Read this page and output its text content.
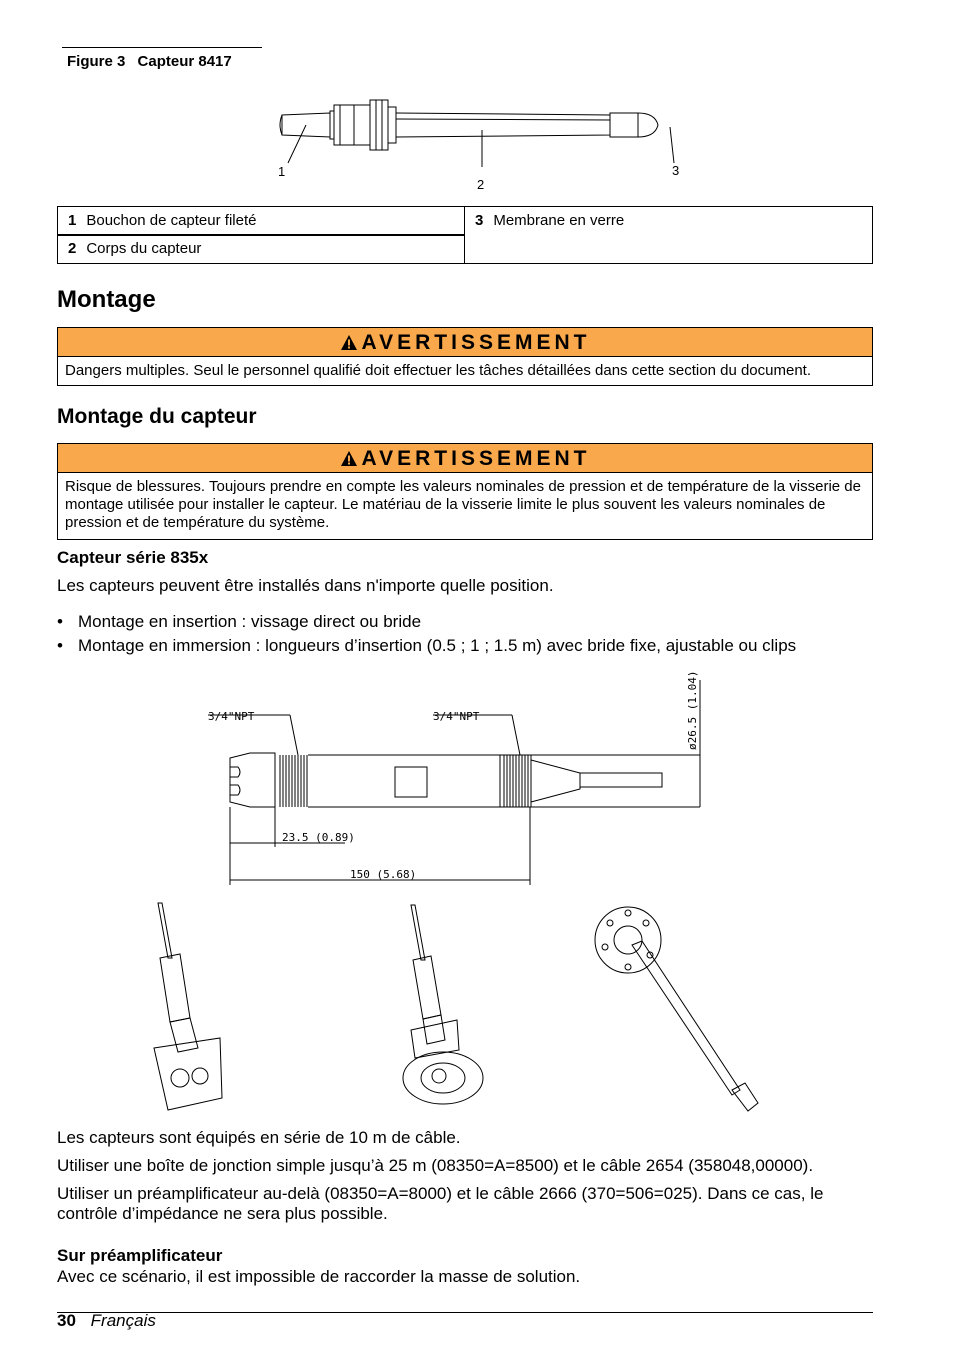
Figure 3 Capteur 8417
1
2
3
1 Bouchon de capteur fileté
2 Corps du capteur
3 Membrane en verre
Montage
AVERTISSEMENT
Dangers multiples. Seul le personnel qualifié doit effectuer les tâches détaillées dans cette section du document.
Montage du capteur
AVERTISSEMENT
Risque de blessures. Toujours prendre en compte les valeurs nominales de pression et de température de la visserie de montage utilisée pour installer le capteur. Le matériau de la visserie limite le plus souvent les valeurs nominales de pression et de température du système.
Capteur série 835x
Les capteurs peuvent être installés dans n'importe quelle position.
• Montage en insertion : vissage direct ou bride
• Montage en immersion : longueurs d’insertion (0.5 ; 1 ; 1.5 m) avec bride fixe, ajustable ou clips
3/4"NPT	3/4"NPT
23.5 (0.89)
150 (5.68)
ø26.5 (1.04)
Les capteurs sont équipés en série de 10 m de câble.
Utiliser une boîte de jonction simple jusqu’à 25 m (08350=A=8500) et le câble 2654 (358048,00000).
Utiliser un préamplificateur au-delà (08350=A=8000) et le câble 2666 (370=506=025). Dans ce cas, le contrôle d’impédance ne sera plus possible.
Sur préamplificateur
Avec ce scénario, il est impossible de raccorder la masse de solution.
30 Français
